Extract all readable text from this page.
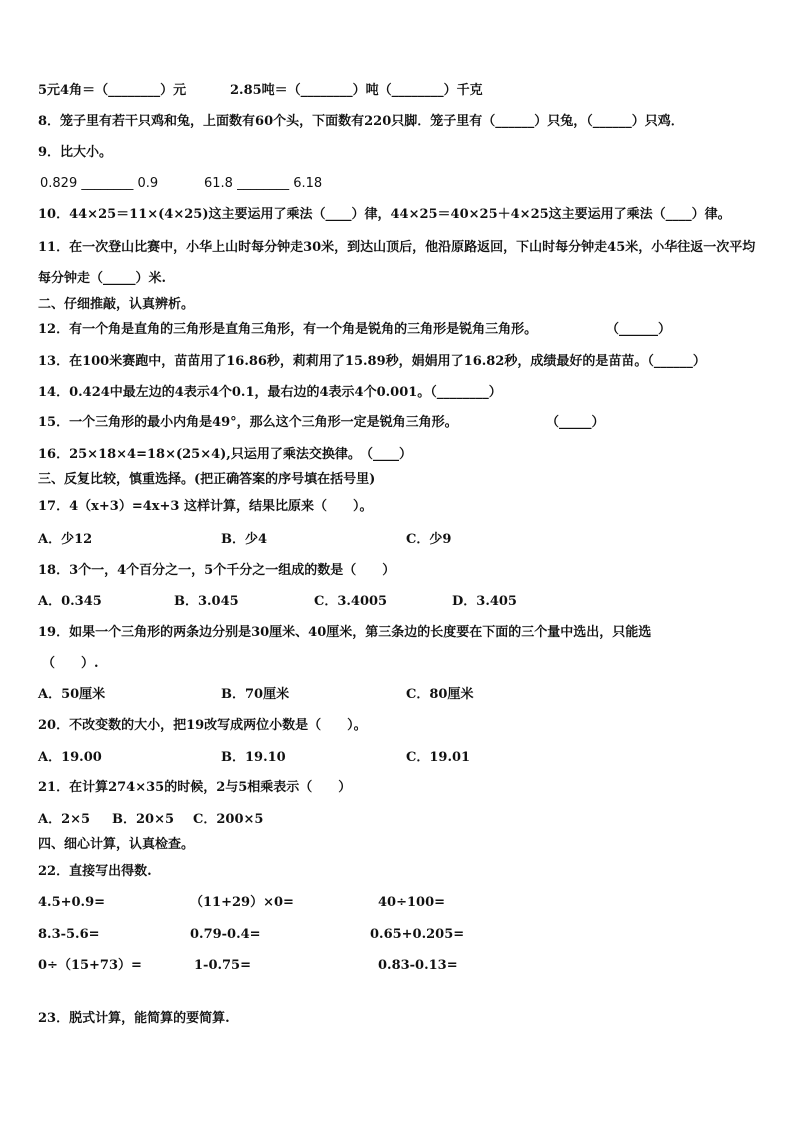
5元4角＝（________）元	2.85吨＝（________）吨（________）千克
8．笼子里有若干只鸡和兔，上面数有60个头，下面数有220只脚．笼子里有（______）只兔，（______）只鸡．
9．比大小。
0.829 ________ 0.9	61.8 ________ 6.18
10．44×25＝11×(4×25)这主要运用了乘法（____）律，44×25＝40×25＋4×25这主要运用了乘法（____）律。
11．在一次登山比赛中，小华上山时每分钟走30米，到达山顶后，他沿原路返回，下山时每分钟走45米，小华往返一次平均每分钟走（_____）米.
二、仔细推敲，认真辨析。
12．有一个角是直角的三角形是直角三角形，有一个角是锐角的三角形是锐角三角形。	（______）
13．在100米赛跑中，苗苗用了16.86秒，莉莉用了15.89秒，娟娟用了16.82秒，成绩最好的是苗苗。（______）
14．0.424中最左边的4表示4个0.1，最右边的4表示4个0.001。（________）
15．一个三角形的最小内角是49°，那么这个三角形一定是锐角三角形。	（_____）
16．25×18×4=18×(25×4),只运用了乘法交换律。 （____）
三、反复比较，慎重选择。(把正确答案的序号填在括号里)
17．4（x+3）=4x+3 这样计算，结果比原来（　　）。
A．少12	B．少4	C．少9
18．3个一，4个百分之一，5个千分之一组成的数是（　　）
A．0.345	B．3.045	C．3.4005	D．3.405
19．如果一个三角形的两条边分别是30厘米、40厘米，第三条边的长度要在下面的三个量中选出，只能选
（　　）.
A．50厘米	B．70厘米	C．80厘米
20．不改变数的大小，把19改写成两位小数是（　　）。
A．19.00	B．19.10	C．19.01
21．在计算274×35的时候，2与5相乘表示（　　）
A．2×5 B．20×5 C．200×5
四、细心计算，认真检查。
22．直接写出得数.
4.5+0.9=	（11+29）×0=	40÷100=
8.3-5.6=	0.79-0.4=	0.65+0.205=
0÷（15+73）=	1-0.75=	0.83-0.13=
23．脱式计算，能简算的要简算.
